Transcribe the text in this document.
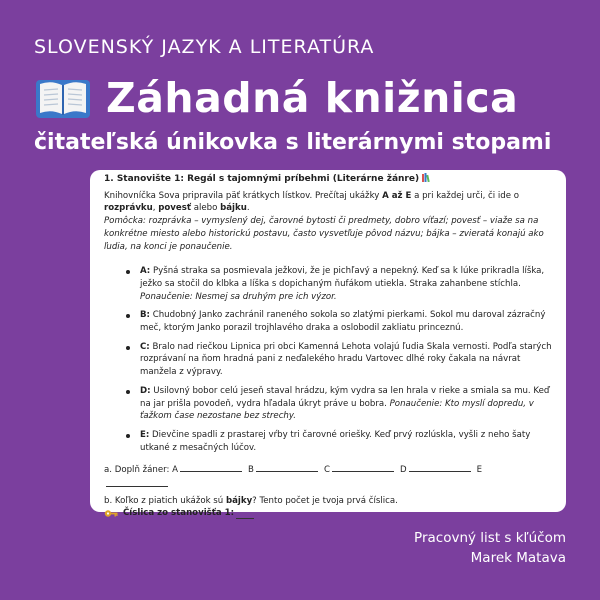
SLOVENSKÝ JAZYK A LITERATÚRA
Záhadná knižnica
čitateľská únikovka s literárnymi stopami

1. Stanovište 1: Regál s tajomnými príbehmi (Literárne žánre)

Knihovníčka Sova pripravila päť krátkych lístkov. Prečítaj ukážky A až E a pri každej urči, či ide o rozprávku, povesť alebo bájku.

Pomôcka: rozprávka – vymyslený dej, čarovné bytosti či predmety, dobro víťazí; povesť – viaže sa na konkrétne miesto alebo historickú postavu, často vysvetľuje pôvod názvu; bájka – zvieratá konajú ako ľudia, na konci je ponaučenie.

A: Pyšná straka sa posmievala ježkovi, že je pichľavý a nepekný. Keď sa k lúke prikradla líška, ježko sa stočil do klbka a líška s dopichaným ňufákom utiekla. Straka zahanbene stíchla. Ponaučenie: Nesmej sa druhým pre ich výzor.
B: Chudobný Janko zachránil raneného sokola so zlatými pierkami. Sokol mu daroval zázračný meč, ktorým Janko porazil trojhlavého draka a oslobodil zakliatu princeznú.
C: Bralo nad riečkou Lipnica pri obci Kamenná Lehota volajú ľudia Skala vernosti. Podľa starých rozprávaní na ňom hradná pani z neďalekého hradu Vartovec dlhé roky čakala na návrat manžela z výpravy.
D: Usilovný bobor celú jeseň staval hrádzu, kým vydra sa len hrala v rieke a smiala sa mu. Keď na jar prišla povodeň, vydra hľadala úkryt práve u bobra. Ponaučenie: Kto myslí dopredu, v ťažkom čase nezostane bez strechy.
E: Dievčine spadli z prastarej vŕby tri čarovné oriešky. Keď prvý rozlúskla, vyšli z neho šaty utkané z mesačných lúčov.

a. Doplň žáner: A	B	C	D	E

b. Koľko z piatich ukážok sú bájky? Tento počet je tvoja prvá číslica.

Číslica zo stanovišťa 1:

Pracovný list s kľúčom
Marek Matava
